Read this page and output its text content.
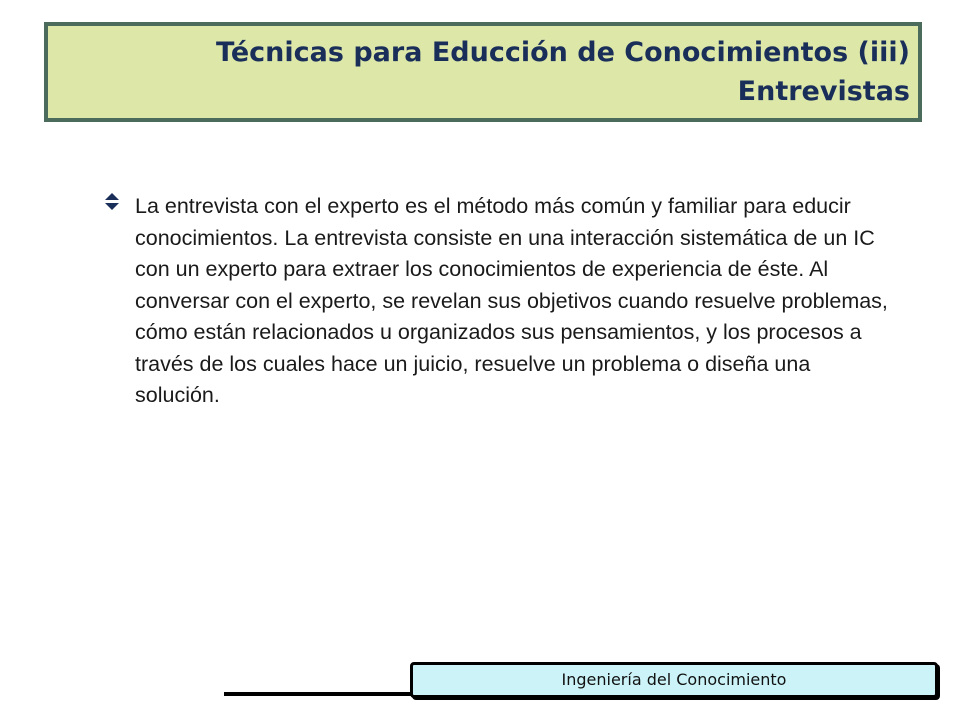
Técnicas para Educción de Conocimientos (iii)
Entrevistas
La entrevista con el experto es el método más común y familiar para educir conocimientos. La entrevista consiste en una interacción sistemática de un IC con un experto para extraer los conocimientos de experiencia de éste. Al conversar con el experto, se revelan sus objetivos cuando resuelve problemas, cómo están relacionados u organizados sus pensamientos, y los procesos a través de los cuales hace un juicio, resuelve un problema o diseña una solución.
Ingeniería del Conocimiento
